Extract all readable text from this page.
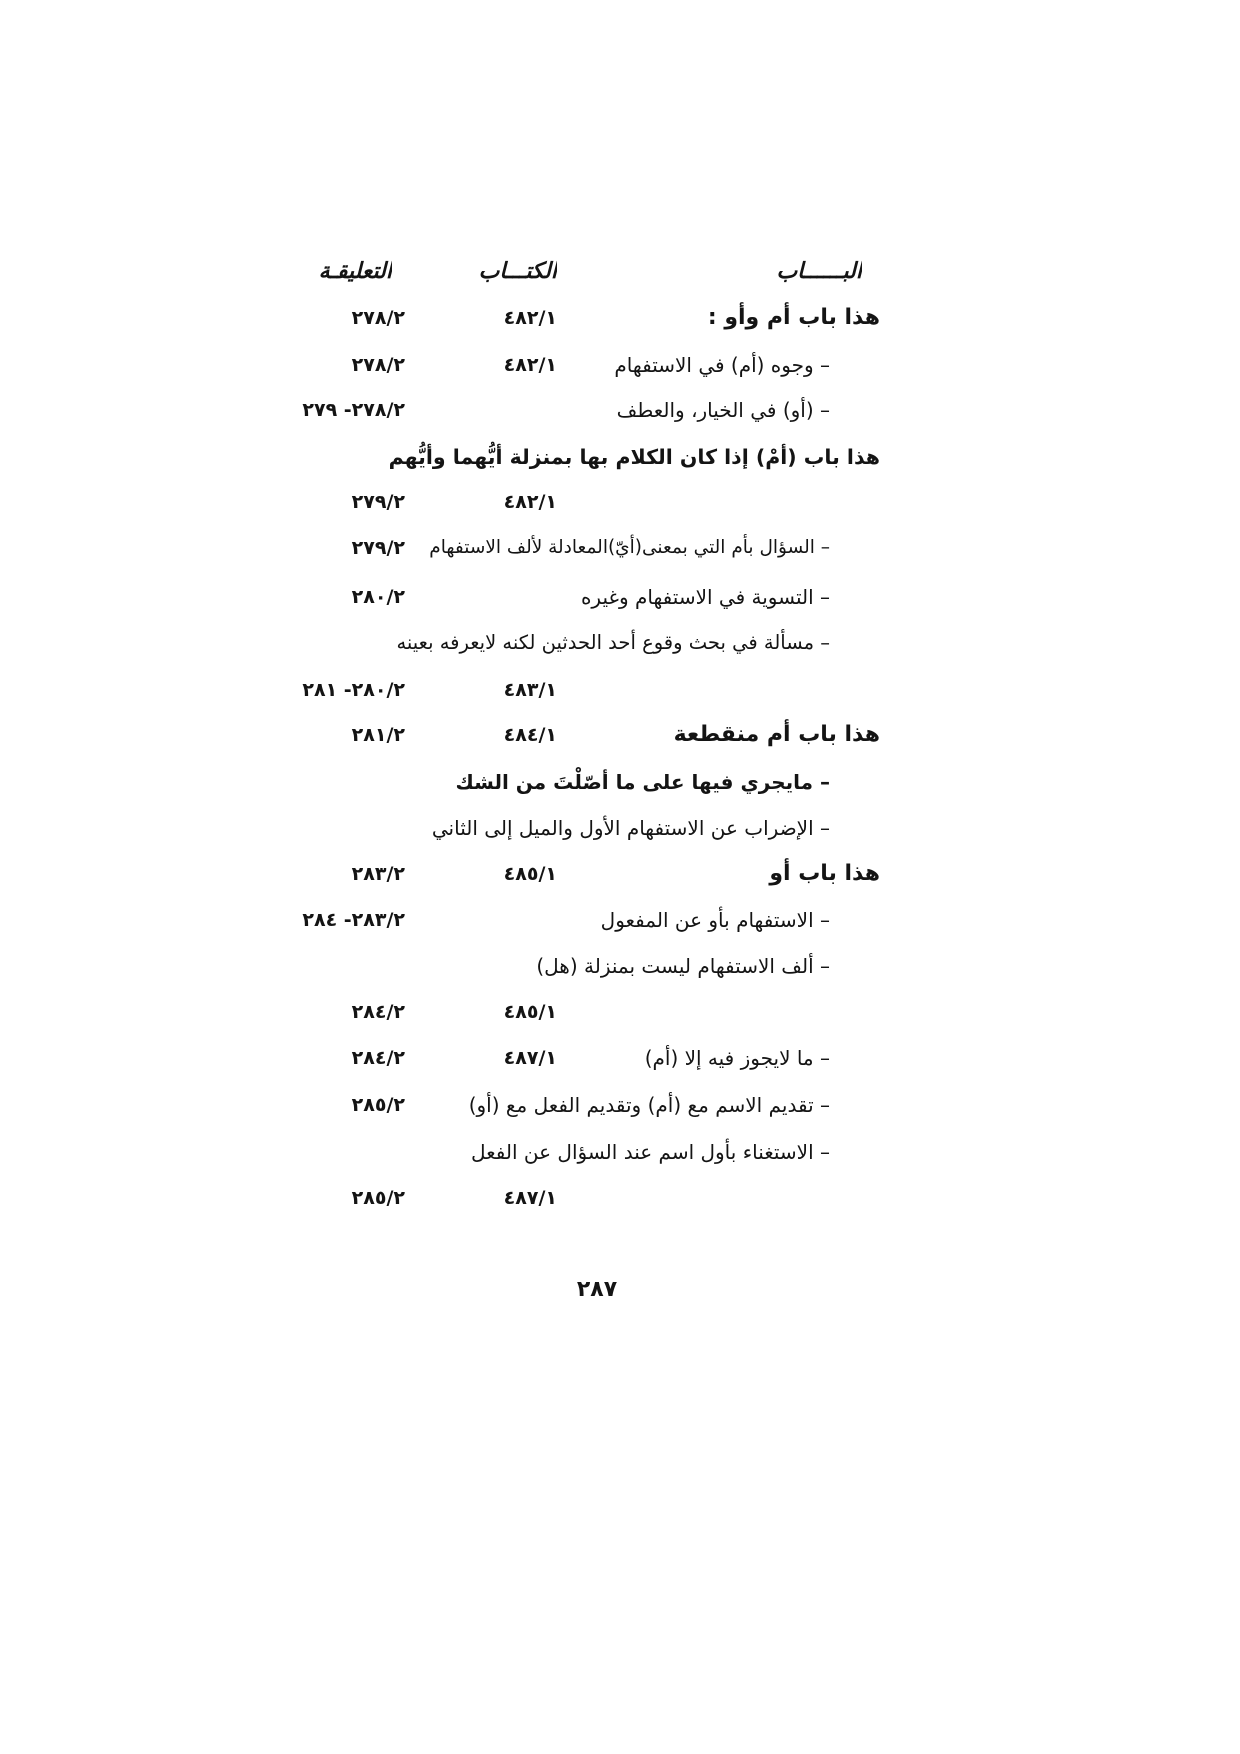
البــــــاب
الكتـــاب
التعليقـة
هذا باب أم وأو :
٤٨٢/١
٢٧٨/٢
– وجوه (أم) في الاستفهام
٤٨٢/١
٢٧٨/٢
– (أو) في الخيار، والعطف
٢٧٩ -٢٧٨/٢
هذا باب (أمْ) إذا كان الكلام بها بمنزلة أيُّهما وأيُّهم
٤٨٢/١
٢٧٩/٢
– السؤال بأم التي بمعنى(أيّ)المعادلة لألف الاستفهام
٢٧٩/٢
– التسوية في الاستفهام وغيره
٢٨٠/٢
– مسألة في بحث وقوع أحد الحدثين لكنه لايعرفه بعينه
٤٨٣/١
٢٨١ -٢٨٠/٢
هذا باب أم منقطعة
٤٨٤/١
٢٨١/٢
– مايجري فيها على ما أصّلْتَ من الشك
– الإضراب عن الاستفهام الأول والميل إلى الثاني
هذا باب أو
٤٨٥/١
٢٨٣/٢
– الاستفهام بأو عن المفعول
٢٨٤ -٢٨٣/٢
– ألف الاستفهام ليست بمنزلة (هل)
٤٨٥/١
٢٨٤/٢
– ما لايجوز فيه إلا (أم)
٤٨٧/١
٢٨٤/٢
– تقديم الاسم مع (أم) وتقديم الفعل مع (أو)
٢٨٥/٢
– الاستغناء بأول اسم عند السؤال عن الفعل
٤٨٧/١
٢٨٥/٢
٢٨٧
